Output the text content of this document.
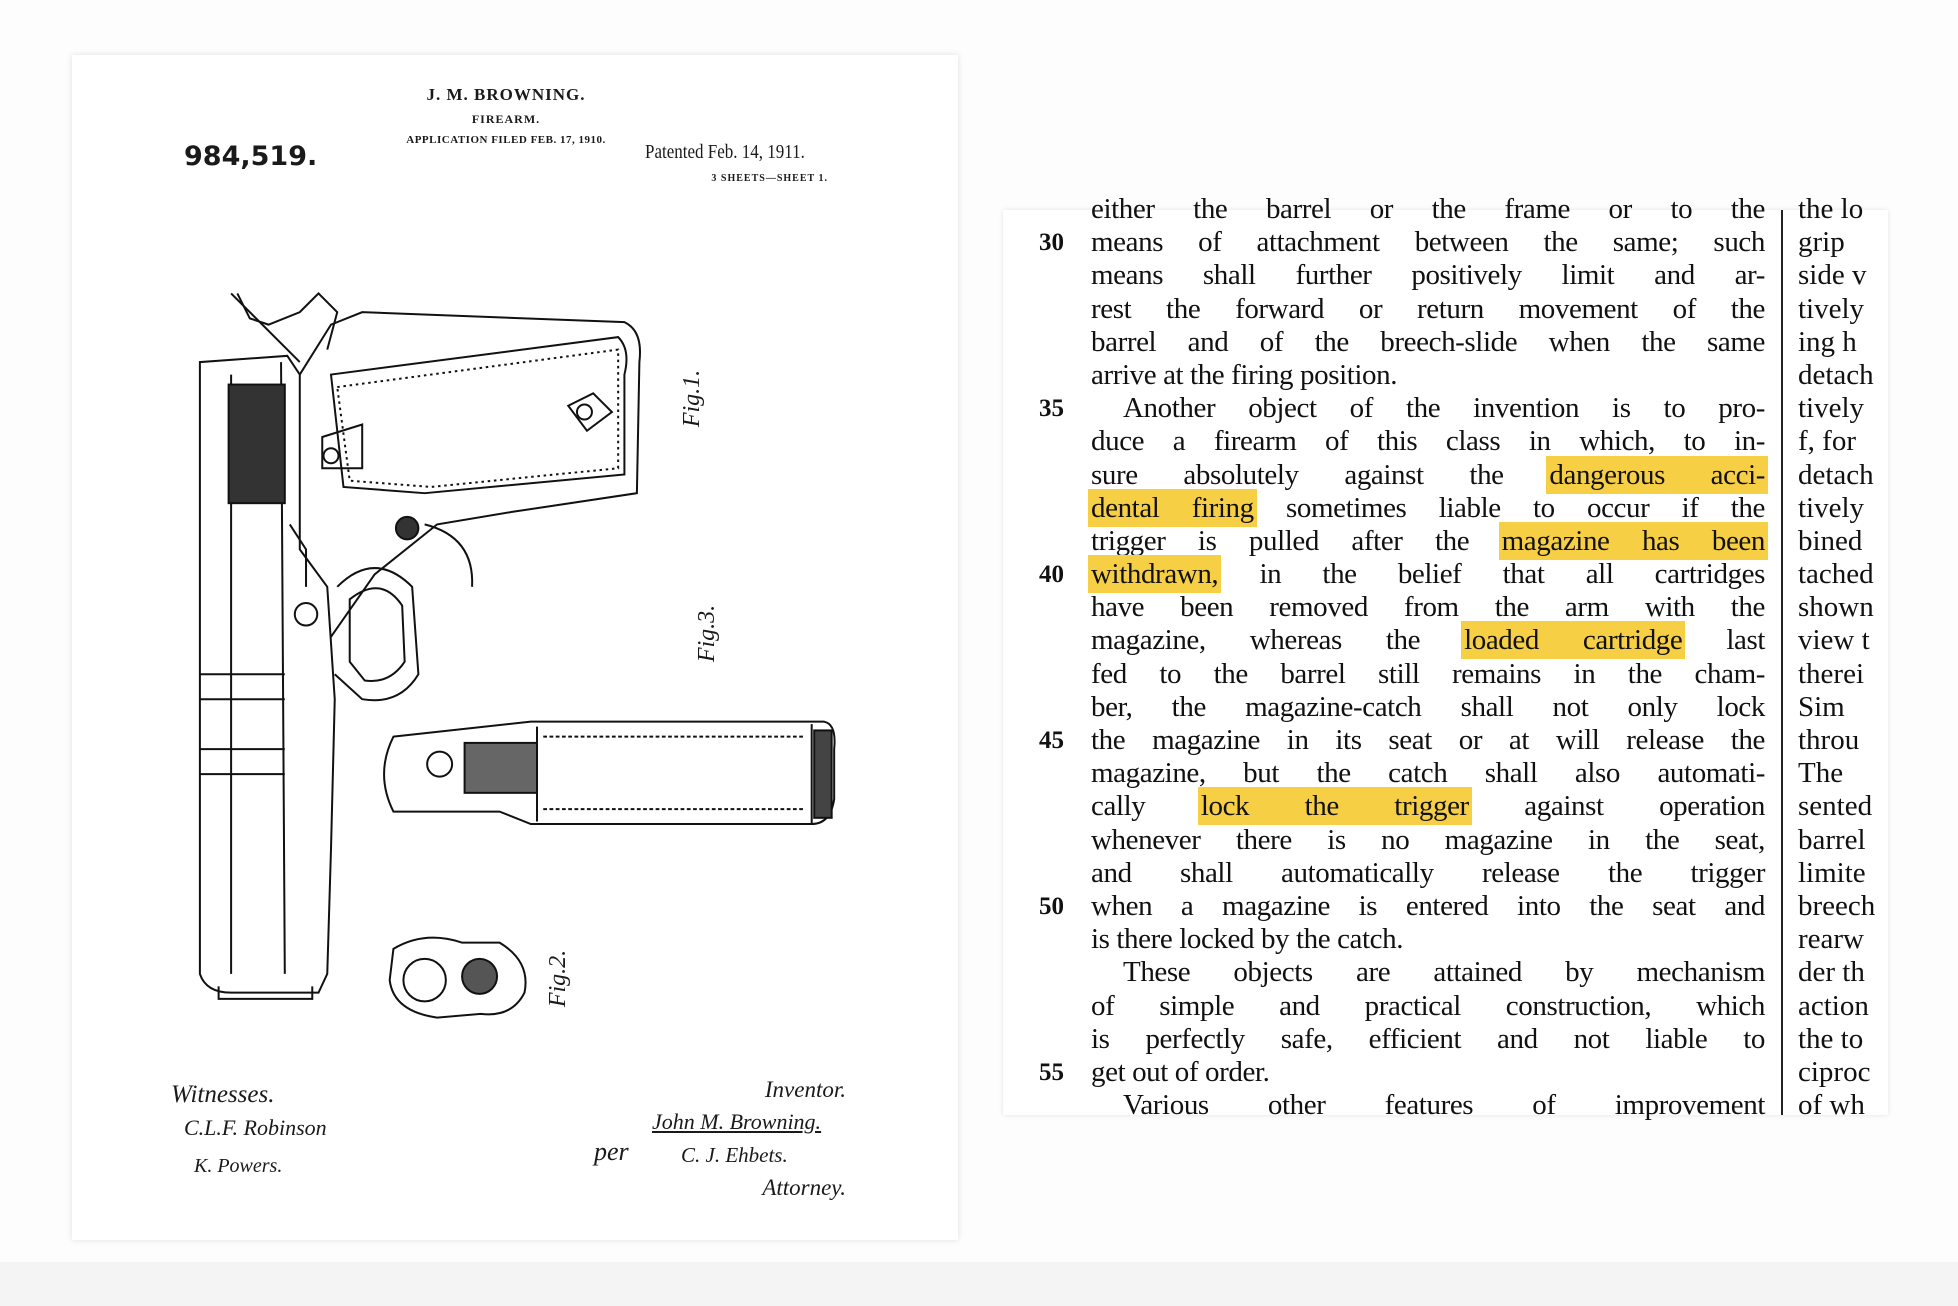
J. M. BROWNING.
FIREARM.
APPLICATION FILED FEB. 17, 1910.
984,519.	Patented Feb. 14, 1911.
3 SHEETS—SHEET 1.
Fig.1.
Fig.2.
Fig.3.
Witnesses.
C.L.F. Robinson
K. Powers.
Inventor.
per
John M. Browning.
C. J. Ehbets.
Attorney.
either the barrel or the frame or to the the lo
30 means of attachment between the same; such grip
means shall further positively limit and ar- side v
rest the forward or return movement of the tively
barrel and of the breech-slide when the same ing h
arrive at the firing position.	detach
35	Another object of the invention is to pro- tively
duce a firearm of this class in which, to in- f, for
sure absolutely against the dangerous acci- detach
dental firing sometimes liable to occur if the tively
trigger is pulled after the magazine has been bined
40 withdrawn, in the belief that all cartridges tached
have been removed from the arm with the shown
magazine, whereas the loaded cartridge last view t
fed to the barrel still remains in the cham- therei
ber, the magazine-catch shall not only lock Sim
45 the magazine in its seat or at will release the throu
magazine, but the catch shall also automati- The
cally lock the trigger against operation sented
whenever there is no magazine in the seat, barrel
and shall automatically release the trigger limite
50 when a magazine is entered into the seat and breech
is there locked by the catch.	rearw
These objects are attained by mechanism der th
of simple and practical construction, which action
is perfectly safe, efficient and not liable to the to
55 get out of order.	ciproc
Various other features of improvement of wh
